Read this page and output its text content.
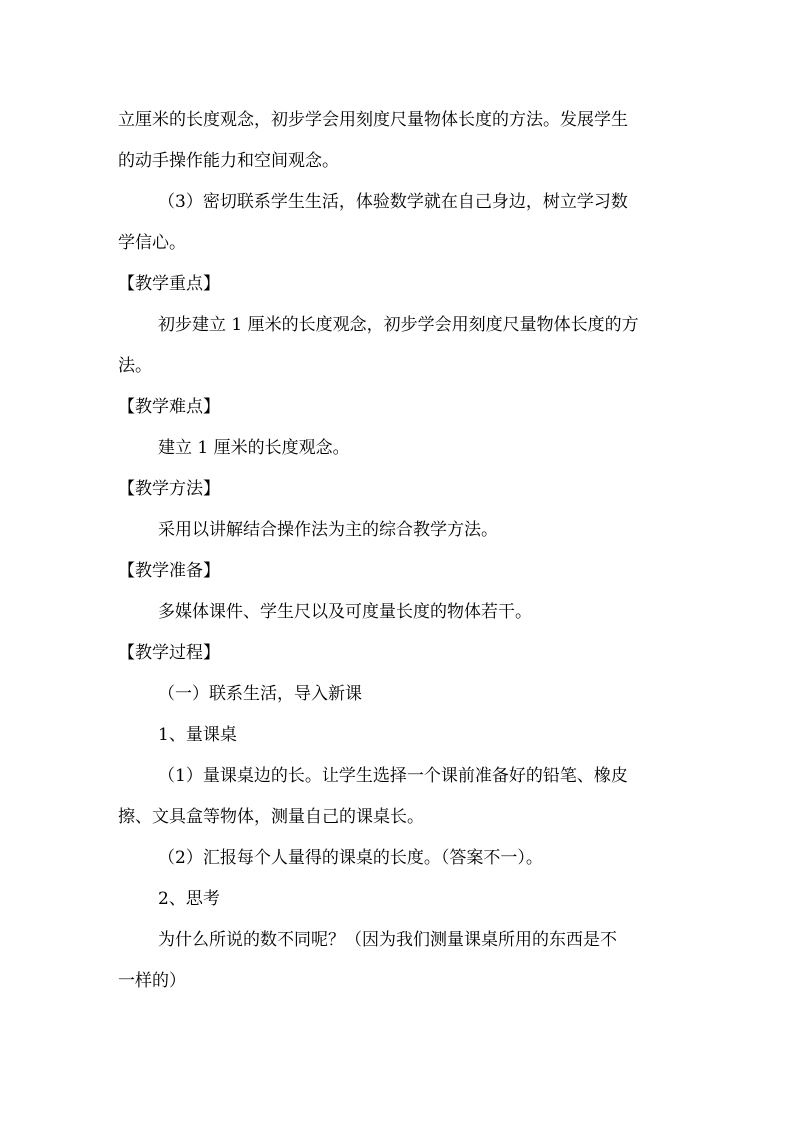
立厘米的长度观念，初步学会用刻度尺量物体长度的方法。发展学生
的动手操作能力和空间观念。
（3）密切联系学生生活，体验数学就在自己身边，树立学习数
学信心。
【教学重点】
初步建立 1 厘米的长度观念，初步学会用刻度尺量物体长度的方
法。
【教学难点】
建立 1 厘米的长度观念。
【教学方法】
采用以讲解结合操作法为主的综合教学方法。
【教学准备】
多媒体课件、学生尺以及可度量长度的物体若干。
【教学过程】
（一）联系生活，导入新课
1、量课桌
（1）量课桌边的长。让学生选择一个课前准备好的铅笔、橡皮
擦、文具盒等物体，测量自己的课桌长。
（2）汇报每个人量得的课桌的长度。（答案不一）。
2、思考
为什么所说的数不同呢？（因为我们测量课桌所用的东西是不
一样的）
